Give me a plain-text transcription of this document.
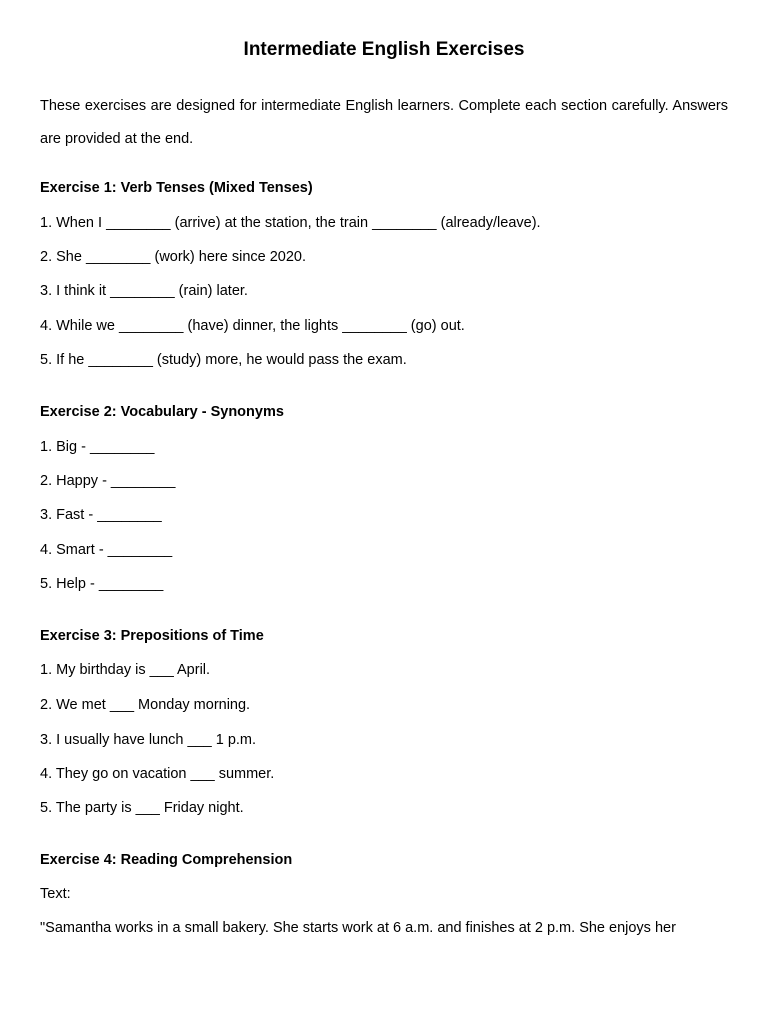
Intermediate English Exercises
These exercises are designed for intermediate English learners. Complete each section carefully. Answers are provided at the end.
Exercise 1: Verb Tenses (Mixed Tenses)
1. When I ________ (arrive) at the station, the train ________ (already/leave).
2. She ________ (work) here since 2020.
3. I think it ________ (rain) later.
4. While we ________ (have) dinner, the lights ________ (go) out.
5. If he ________ (study) more, he would pass the exam.
Exercise 2: Vocabulary - Synonyms
1. Big - ________
2. Happy - ________
3. Fast - ________
4. Smart - ________
5. Help - ________
Exercise 3: Prepositions of Time
1. My birthday is ___ April.
2. We met ___ Monday morning.
3. I usually have lunch ___ 1 p.m.
4. They go on vacation ___ summer.
5. The party is ___ Friday night.
Exercise 4: Reading Comprehension
Text:
"Samantha works in a small bakery. She starts work at 6 a.m. and finishes at 2 p.m. She enjoys her
